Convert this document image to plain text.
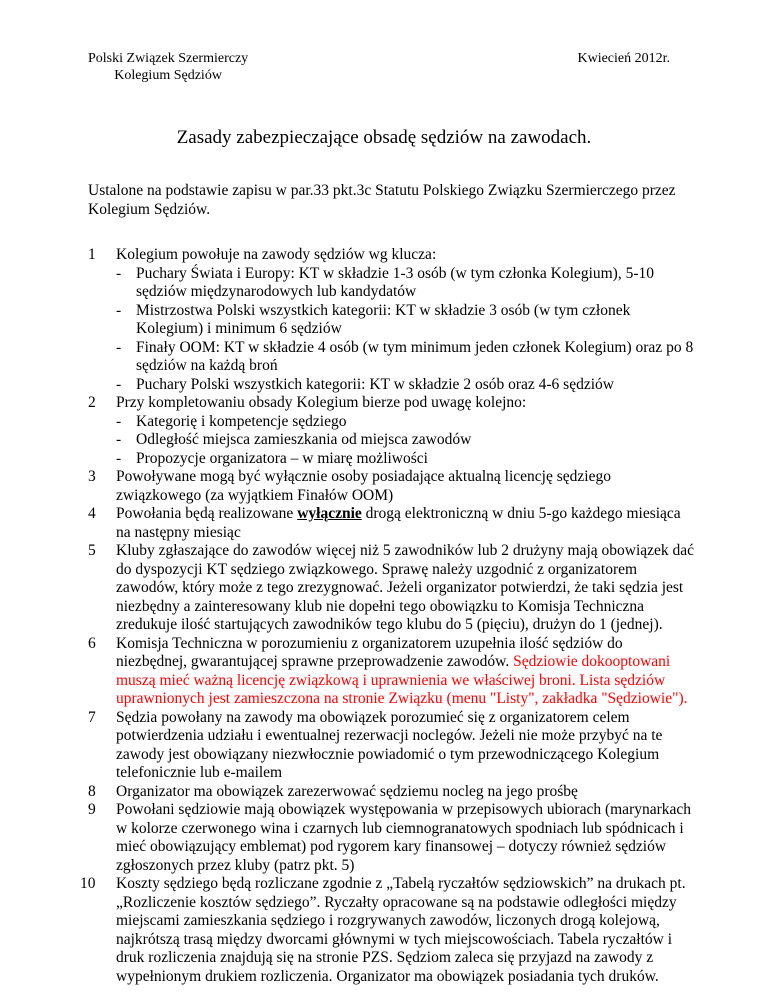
Polski Związek Szermierczy
Kolegium Sędziów
Kwiecień 2012r.
Zasady zabezpieczające obsadę sędziów na zawodach.
Ustalone na podstawie zapisu w par.33 pkt.3c Statutu Polskiego Związku Szermierczego przez Kolegium Sędziów.
1	Kolegium powołuje na zawody sędziów wg klucza:
- Puchary Świata i Europy: KT w składzie 1-3 osób (w tym członka Kolegium), 5-10 sędziów międzynarodowych lub kandydatów
- Mistrzostwa Polski wszystkich kategorii: KT w składzie 3 osób (w tym członek Kolegium) i minimum 6 sędziów
- Finały OOM: KT w składzie 4 osób (w tym minimum jeden członek Kolegium) oraz po 8 sędziów na każdą broń
- Puchary Polski wszystkich kategorii: KT w składzie 2 osób oraz 4-6 sędziów
2	Przy kompletowaniu obsady Kolegium bierze pod uwagę kolejno:
- Kategorię i kompetencje sędziego
- Odległość miejsca zamieszkania od miejsca zawodów
- Propozycje organizatora – w miarę możliwości
3	Powoływane mogą być wyłącznie osoby posiadające aktualną licencję sędziego związkowego (za wyjątkiem Finałów OOM)
4	Powołania będą realizowane wyłącznie drogą elektroniczną w dniu 5-go każdego miesiąca na następny miesiąc
5	Kluby zgłaszające do zawodów więcej niż 5 zawodników lub 2 drużyny mają obowiązek dać do dyspozycji KT sędziego związkowego. Sprawę należy uzgodnić z organizatorem zawodów, który może z tego zrezygnować. Jeżeli organizator potwierdzi, że taki sędzia jest niezbędny a zainteresowany klub nie dopełni tego obowiązku to Komisja Techniczna zredukuje ilość startujących zawodników tego klubu do 5 (pięciu), drużyn do 1 (jednej).
6	Komisja Techniczna w porozumieniu z organizatorem uzupełnia ilość sędziów do niezbędnej, gwarantującej sprawne przeprowadzenie zawodów. Sędziowie dokooptowani muszą mieć ważną licencję związkową i uprawnienia we właściwej broni. Lista sędziów uprawnionych jest zamieszczona na stronie Związku (menu "Listy", zakładka "Sędziowie").
7	Sędzia powołany na zawody ma obowiązek porozumieć się z organizatorem celem potwierdzenia udziału i ewentualnej rezerwacji noclegów. Jeżeli nie może przybyć na te zawody jest obowiązany niezwłocznie powiadomić o tym przewodniczącego Kolegium telefonicznie lub e-mailem
8	Organizator ma obowiązek zarezerwować sędziemu nocleg na jego prośbę
9	Powołani sędziowie mają obowiązek występowania w przepisowych ubiorach (marynarkach w kolorze czerwonego wina i czarnych lub ciemnogranatowych spodniach lub spódnicach i mieć obowiązujący emblemat) pod rygorem kary finansowej – dotyczy również sędziów zgłoszonych przez kluby (patrz pkt. 5)
10	Koszty sędziego będą rozliczane zgodnie z „Tabelą ryczałtów sędziowskich” na drukach pt. „Rozliczenie kosztów sędziego”. Ryczałty opracowane są na podstawie odległości między miejscami zamieszkania sędziego i rozgrywanych zawodów, liczonych drogą kolejową, najkrótszą trasą między dworcami głównymi w tych miejscowościach. Tabela ryczałtów i druk rozliczenia znajdują się na stronie PZS. Sędziom zaleca się przyjazd na zawody z wypełnionym drukiem rozliczenia. Organizator ma obowiązek posiadania tych druków.
